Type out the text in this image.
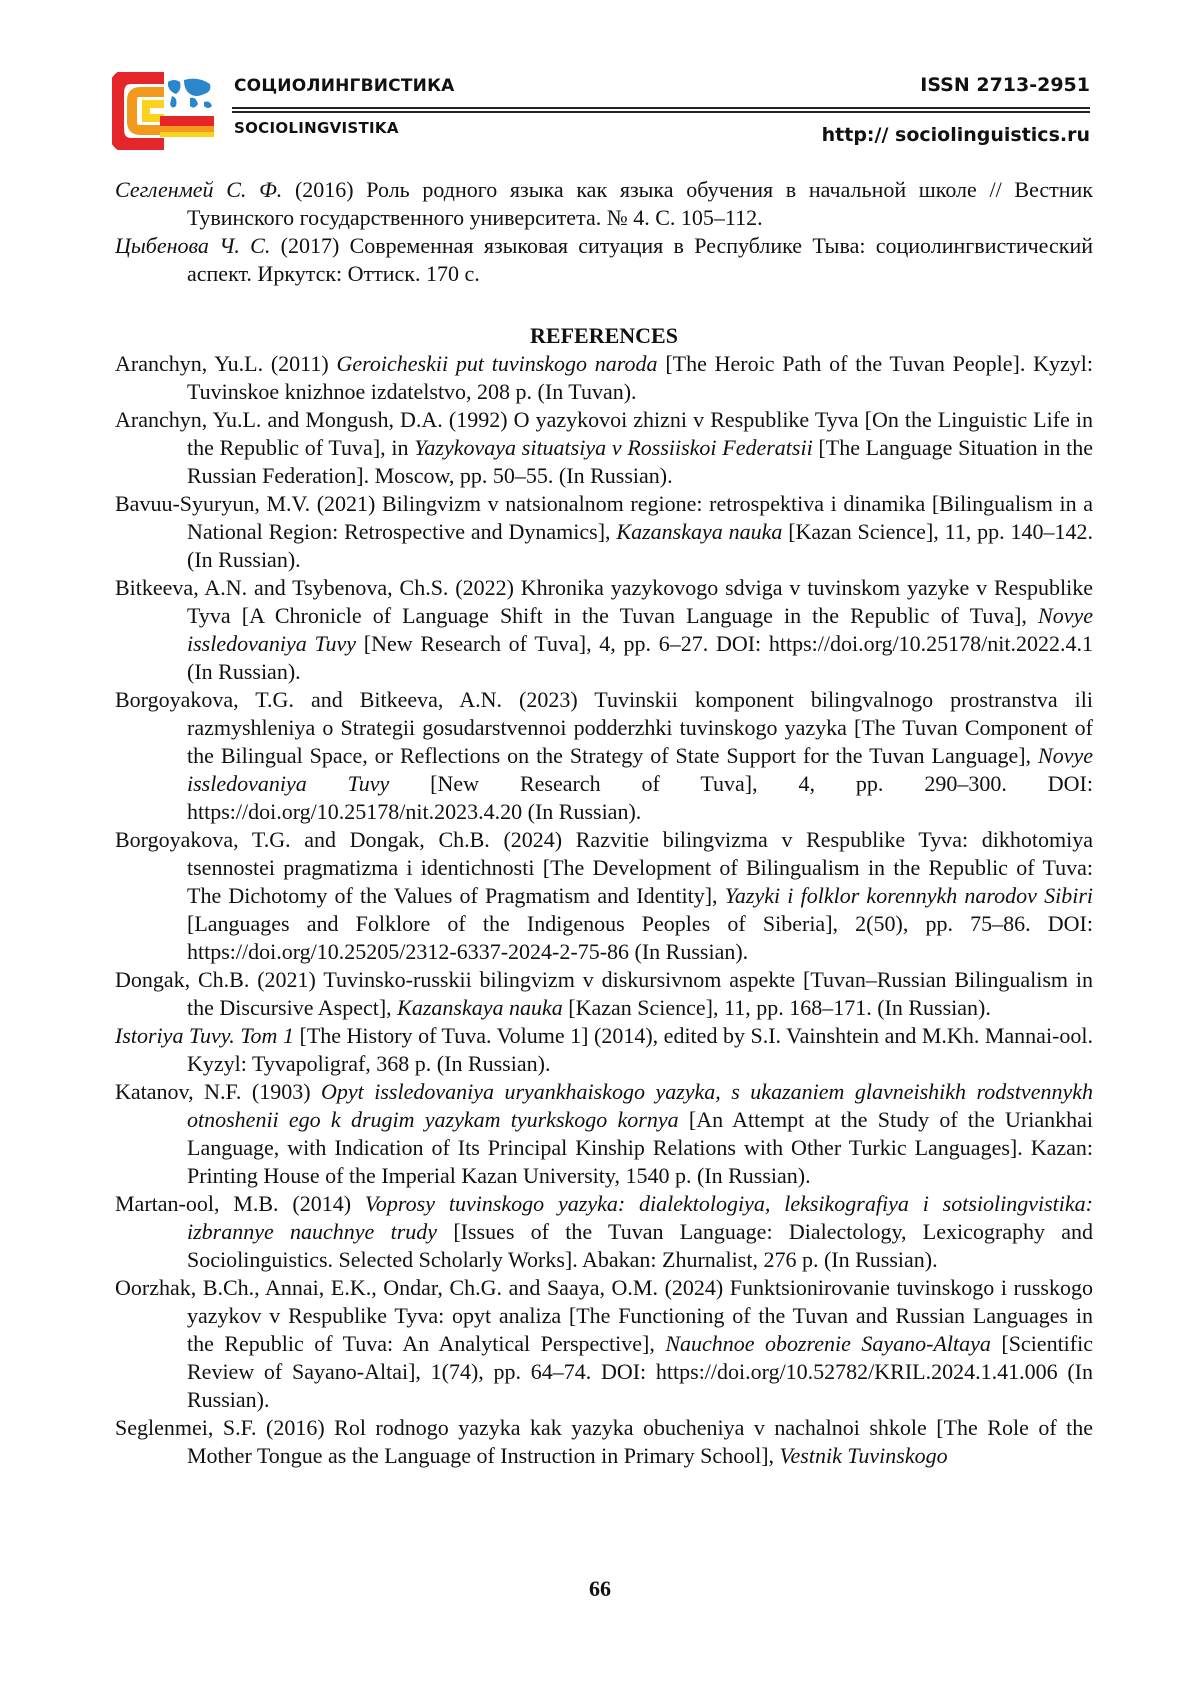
СОЦИОЛИНГВИСТИКА
SOCIOLINGVISTIKA
ISSN 2713-2951
http:// sociolinguistics.ru

Сегленмей С. Ф. (2016) Роль родного языка как языка обучения в начальной школе // Вестник Тувинского государственного университета. № 4. С. 105–112.

Цыбенова Ч. С. (2017) Современная языковая ситуация в Республике Тыва: социолингвистический аспект. Иркутск: Оттиск. 170 с.

REFERENCES

Aranchyn, Yu.L. (2011) Geroicheskii put tuvinskogo naroda [The Heroic Path of the Tuvan People]. Kyzyl: Tuvinskoe knizhnoe izdatelstvo, 208 p. (In Tuvan).

Aranchyn, Yu.L. and Mongush, D.A. (1992) O yazykovoi zhizni v Respublike Tyva [On the Linguistic Life in the Republic of Tuva], in Yazykovaya situatsiya v Rossiiskoi Federatsii [The Language Situation in the Russian Federation]. Moscow, pp. 50–55. (In Russian).

Bavuu-Syuryun, M.V. (2021) Bilingvizm v natsionalnom regione: retrospektiva i dinamika [Bilingualism in a National Region: Retrospective and Dynamics], Kazanskaya nauka [Kazan Science], 11, pp. 140–142. (In Russian).

Bitkeeva, A.N. and Tsybenova, Ch.S. (2022) Khronika yazykovogo sdviga v tuvinskom yazyke v Respublike Tyva [A Chronicle of Language Shift in the Tuvan Language in the Republic of Tuva], Novye issledovaniya Tuvy [New Research of Tuva], 4, pp. 6–27. DOI: https://doi.org/10.25178/nit.2022.4.1 (In Russian).

Borgoyakova, T.G. and Bitkeeva, A.N. (2023) Tuvinskii komponent bilingvalnogo prostranstva ili razmyshleniya o Strategii gosudarstvennoi podderzhki tuvinskogo yazyka [The Tuvan Component of the Bilingual Space, or Reflections on the Strategy of State Support for the Tuvan Language], Novye issledovaniya Tuvy [New Research of Tuva], 4, pp. 290–300. DOI: https://doi.org/10.25178/nit.2023.4.20 (In Russian).

Borgoyakova, T.G. and Dongak, Ch.B. (2024) Razvitie bilingvizma v Respublike Tyva: dikhotomiya tsennostei pragmatizma i identichnosti [The Development of Bilingualism in the Republic of Tuva: The Dichotomy of the Values of Pragmatism and Identity], Yazyki i folklor korennykh narodov Sibiri [Languages and Folklore of the Indigenous Peoples of Siberia], 2(50), pp. 75–86. DOI: https://doi.org/10.25205/2312-6337-2024-2-75-86 (In Russian).

Dongak, Ch.B. (2021) Tuvinsko-russkii bilingvizm v diskursivnom aspekte [Tuvan–Russian Bilingualism in the Discursive Aspect], Kazanskaya nauka [Kazan Science], 11, pp. 168–171. (In Russian).

Istoriya Tuvy. Tom 1 [The History of Tuva. Volume 1] (2014), edited by S.I. Vainshtein and M.Kh. Mannai-ool. Kyzyl: Tyvapoligraf, 368 p. (In Russian).

Katanov, N.F. (1903) Opyt issledovaniya uryankhaiskogo yazyka, s ukazaniem glavneishikh rodstvennykh otnoshenii ego k drugim yazykam tyurkskogo kornya [An Attempt at the Study of the Uriankhai Language, with Indication of Its Principal Kinship Relations with Other Turkic Languages]. Kazan: Printing House of the Imperial Kazan University, 1540 p. (In Russian).

Martan-ool, M.B. (2014) Voprosy tuvinskogo yazyka: dialektologiya, leksikografiya i sotsiolingvistika: izbrannye nauchnye trudy [Issues of the Tuvan Language: Dialectology, Lexicography and Sociolinguistics. Selected Scholarly Works]. Abakan: Zhurnalist, 276 p. (In Russian).

Oorzhak, B.Ch., Annai, E.K., Ondar, Ch.G. and Saaya, O.M. (2024) Funktsionirovanie tuvinskogo i russkogo yazykov v Respublike Tyva: opyt analiza [The Functioning of the Tuvan and Russian Languages in the Republic of Tuva: An Analytical Perspective], Nauchnoe obozrenie Sayano-Altaya [Scientific Review of Sayano-Altai], 1(74), pp. 64–74. DOI: https://doi.org/10.52782/KRIL.2024.1.41.006 (In Russian).

Seglenmei, S.F. (2016) Rol rodnogo yazyka kak yazyka obucheniya v nachalnoi shkole [The Role of the Mother Tongue as the Language of Instruction in Primary School], Vestnik Tuvinskogo

66
